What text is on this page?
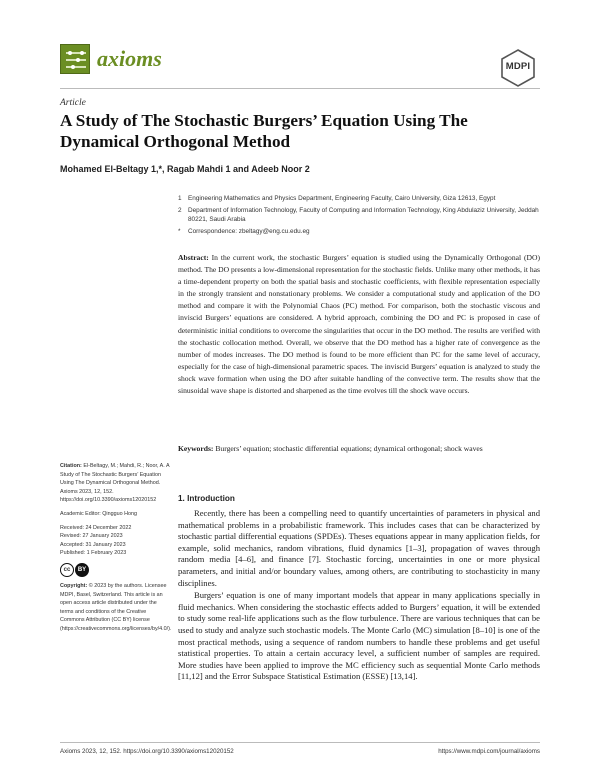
axioms	MDPI
Article
A Study of The Stochastic Burgers’ Equation Using The Dynamical Orthogonal Method
Mohamed El-Beltagy 1,*, Ragab Mahdi 1 and Adeeb Noor 2
1	Engineering Mathematics and Physics Department, Engineering Faculty, Cairo University, Giza 12613, Egypt
2	Department of Information Technology, Faculty of Computing and Information Technology, King Abdulaziz University, Jeddah 80221, Saudi Arabia
*	Correspondence: zbeltagy@eng.cu.edu.eg
Abstract: In the current work, the stochastic Burgers’ equation is studied using the Dynamically Orthogonal (DO) method. The DO presents a low-dimensional representation for the stochastic fields. Unlike many other methods, it has a time-dependent property on both the spatial basis and stochastic coefficients, with flexible representation especially in the strongly transient and nonstationary problems. We consider a computational study and application of the DO method and compare it with the Polynomial Chaos (PC) method. For comparison, both the stochastic viscous and inviscid Burgers’ equations are considered. A hybrid approach, combining the DO and PC is proposed in case of deterministic initial conditions to overcome the singularities that occur in the DO method. The results are verified with the stochastic collocation method. Overall, we observe that the DO method has a higher rate of convergence as the number of modes increases. The DO method is found to be more efficient than PC for the same level of accuracy, especially for the case of high-dimensional parametric spaces. The inviscid Burgers’ equation is analyzed to study the shock wave formation when using the DO after suitable handling of the convective term. The results show that the sinusoidal wave shape is distorted and sharpened as the time evolves till the shock wave occurs.
Keywords: Burgers’ equation; stochastic differential equations; dynamical orthogonal; shock waves

Citation: El-Beltagy, M.; Mahdi, R.; Noor, A. A Study of The Stochastic Burgers’ Equation Using The Dynamical Orthogonal Method. Axioms 2023, 12, 152. https://doi.org/10.3390/axioms12020152

Academic Editor: Qingguo Hong

Received: 24 December 2022
Revised: 27 January 2023
Accepted: 31 January 2023
Published: 1 February 2023
cc	BY

Copyright: © 2023 by the authors. Licensee MDPI, Basel, Switzerland. This article is an open access article distributed under the terms and conditions of the Creative Commons Attribution (CC BY) license (https://creativecommons.org/licenses/by/4.0/).

1. Introduction

Recently, there has been a compelling need to quantify uncertainties of parameters in physical and mathematical problems in a probabilistic framework. This includes cases that can be characterized by stochastic partial differential equations (SPDEs). Theses equations appear in many application fields, for example, solid mechanics, random vibrations, fluid dynamics [1–3], propagation of waves through random media [4–6], and finance [7]. Stochastic forcing, uncertainties in one or more physical parameters, and initial and/or boundary values, among others, are contributing to stochasticity in many disciplines.

Burgers’ equation is one of many important models that appear in many applications specially in fluid mechanics. When considering the stochastic effects added to Burgers’ equation, it will be extended to study some real-life applications such as the flow turbulence. There are various techniques that can be used to study and analyze such stochastic models. The Monte Carlo (MC) simulation [8–10] is one of the most practical methods, using a sequence of random numbers to handle these problems and get useful statistical properties. To attain a certain accuracy level, a sufficient number of samples are required. More studies have been applied to improve the MC efficiency such as sequential Monte Carlo methods [11,12] and the Error Subspace Statistical Estimation (ESSE) [13,14].

Axioms 2023, 12, 152. https://doi.org/10.3390/axioms12020152	https://www.mdpi.com/journal/axioms
